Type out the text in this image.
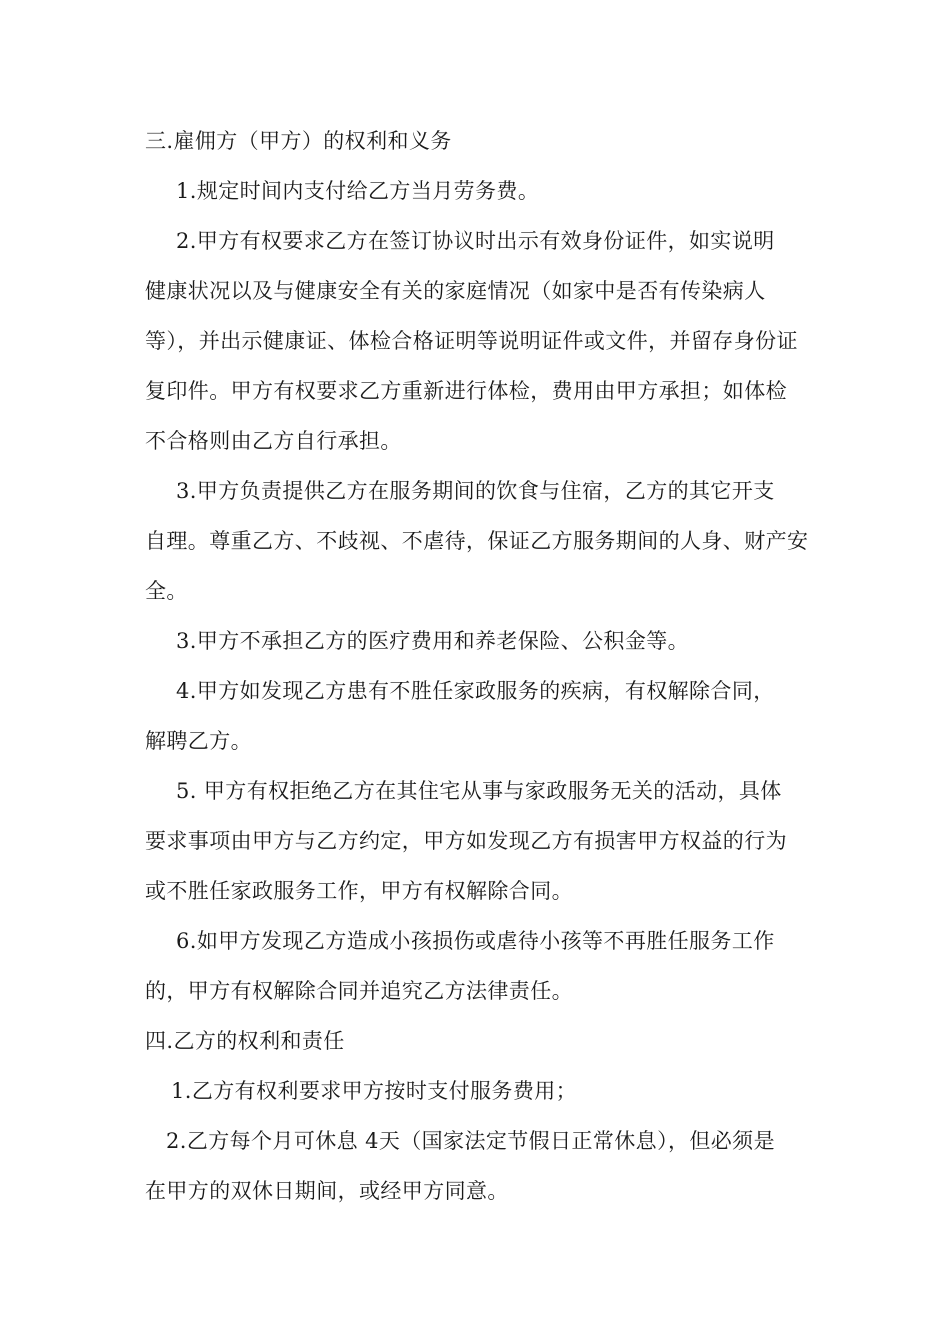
三.雇佣方（甲方）的权利和义务
1.规定时间内支付给乙方当月劳务费。
2.甲方有权要求乙方在签订协议时出示有效身份证件，如实说明
健康状况以及与健康安全有关的家庭情况（如家中是否有传染病人
等），并出示健康证、体检合格证明等说明证件或文件，并留存身份证
复印件。甲方有权要求乙方重新进行体检，费用由甲方承担；如体检
不合格则由乙方自行承担。
3.甲方负责提供乙方在服务期间的饮食与住宿，乙方的其它开支
自理。尊重乙方、不歧视、不虐待，保证乙方服务期间的人身、财产安
全。
3.甲方不承担乙方的医疗费用和养老保险、公积金等。
4.甲方如发现乙方患有不胜任家政服务的疾病，有权解除合同，
解聘乙方。
5. 甲方有权拒绝乙方在其住宅从事与家政服务无关的活动，具体
要求事项由甲方与乙方约定，甲方如发现乙方有损害甲方权益的行为
或不胜任家政服务工作，甲方有权解除合同。
6.如甲方发现乙方造成小孩损伤或虐待小孩等不再胜任服务工作
的，甲方有权解除合同并追究乙方法律责任。
四.乙方的权利和责任
1.乙方有权利要求甲方按时支付服务费用；
2.乙方每个月可休息 4天（国家法定节假日正常休息），但必须是
在甲方的双休日期间，或经甲方同意。
